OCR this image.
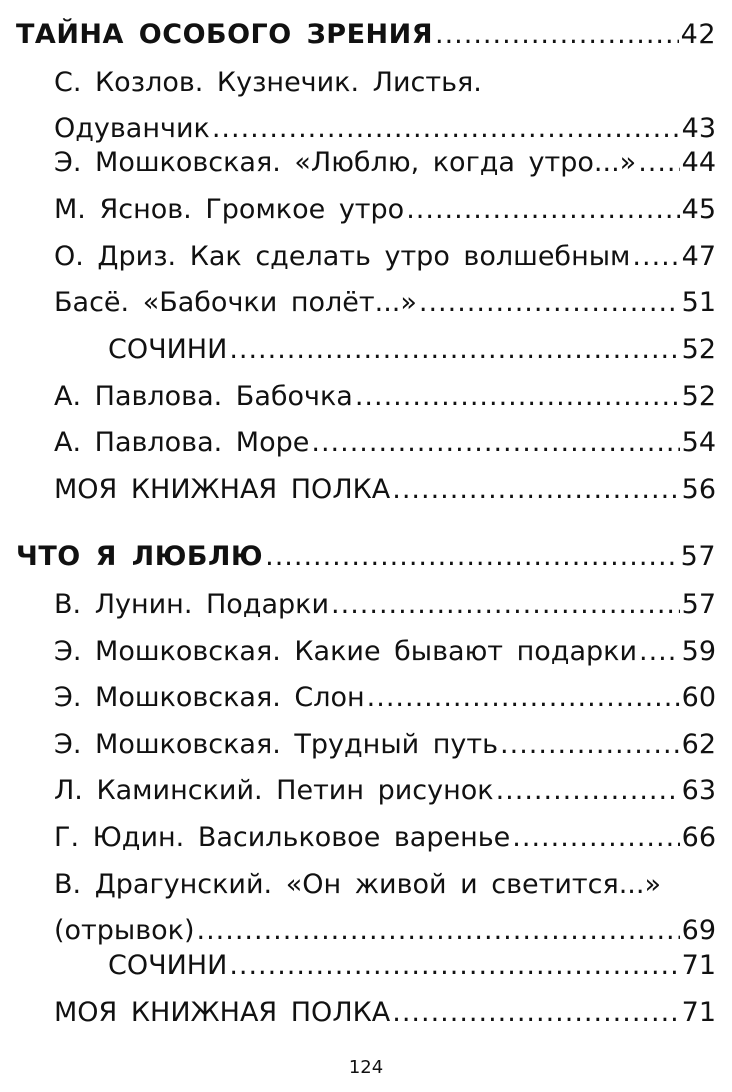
ТАЙНА ОСОБОГО ЗРЕНИЯ .....	42
С. Козлов. Кузнечик. Листья.
Одуванчик .....	43
Э. Мошковская. «Люблю, когда утро...» ..... 44
М. Яснов. Громкое утро .....	45
О. Дриз. Как сделать утро волшебным ..... 47
Басё. «Бабочки полёт...» .....	51
СОЧИНИ .....	52
А. Павлова. Бабочка .....	52
А. Павлова. Море .....	54
МОЯ КНИЖНАЯ ПОЛКА .....	56
ЧТО Я ЛЮБЛЮ .....	57
В. Лунин. Подарки .....	57
Э. Мошковская. Какие бывают подарки ..... 59
Э. Мошковская. Слон .....	60
Э. Мошковская. Трудный путь .....	62
Л. Каминский. Петин рисунок .....	63
Г. Юдин. Васильковое варенье .....	66
В. Драгунский. «Он живой и светится...»
(отрывок) .....	69
СОЧИНИ .....	71
МОЯ КНИЖНАЯ ПОЛКА .....	71
124
